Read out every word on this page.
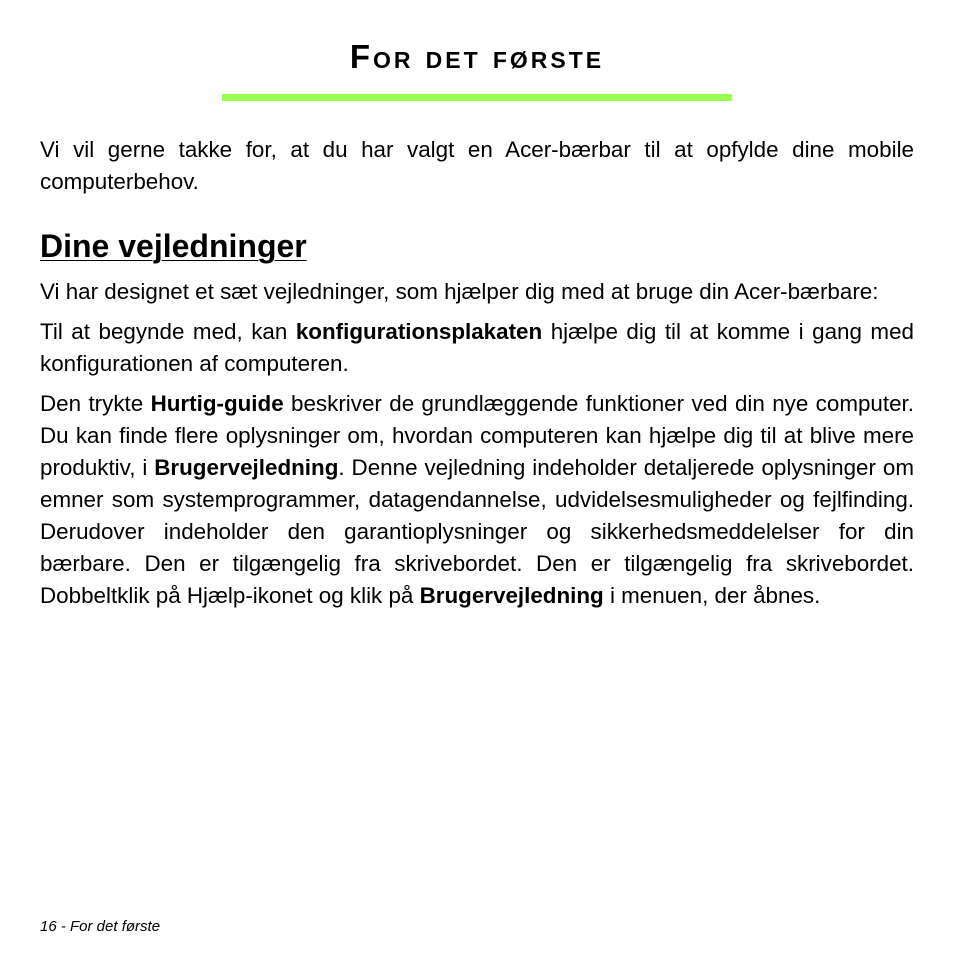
For det første

Vi vil gerne takke for, at du har valgt en Acer-bærbar til at opfylde dine mobile computerbehov.

Dine vejledninger

Vi har designet et sæt vejledninger, som hjælper dig med at bruge din Acer-bærbare:

Til at begynde med, kan konfigurationsplakaten hjælpe dig til at komme i gang med konfigurationen af computeren.

Den trykte Hurtig-guide beskriver de grundlæggende funktioner ved din nye computer. Du kan finde flere oplysninger om, hvordan computeren kan hjælpe dig til at blive mere produktiv, i Brugervejledning. Denne vejledning indeholder detaljerede oplysninger om emner som systemprogrammer, datagendannelse, udvidelsesmuligheder og fejlfinding. Derudover indeholder den garantioplysninger og sikkerhedsmeddelelser for din bærbare. Den er tilgængelig fra skrivebordet. Den er tilgængelig fra skrivebordet. Dobbeltklik på Hjælp-ikonet og klik på Brugervejledning i menuen, der åbnes.

16 - For det første
